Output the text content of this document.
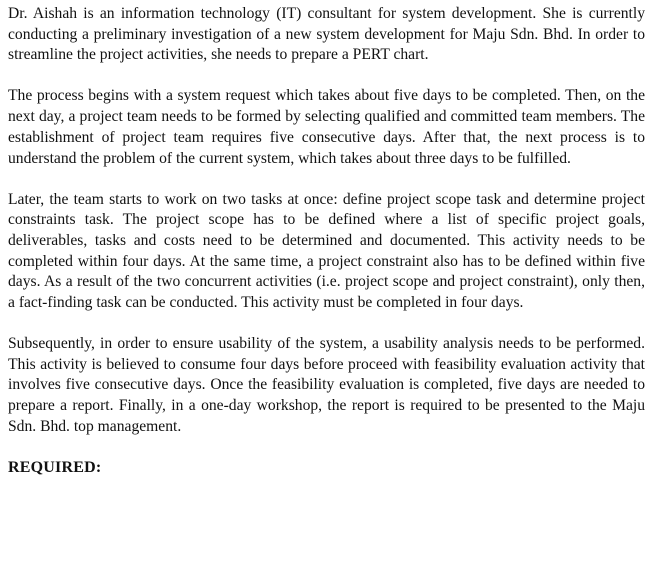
Dr. Aishah is an information technology (IT) consultant for system development. She is currently conducting a preliminary investigation of a new system development for Maju Sdn. Bhd. In order to streamline the project activities, she needs to prepare a PERT chart.

The process begins with a system request which takes about five days to be completed. Then, on the next day, a project team needs to be formed by selecting qualified and committed team members. The establishment of project team requires five consecutive days. After that, the next process is to understand the problem of the current system, which takes about three days to be fulfilled.

Later, the team starts to work on two tasks at once: define project scope task and determine project constraints task. The project scope has to be defined where a list of specific project goals, deliverables, tasks and costs need to be determined and documented. This activity needs to be completed within four days. At the same time, a project constraint also has to be defined within five days. As a result of the two concurrent activities (i.e. project scope and project constraint), only then, a fact-finding task can be conducted. This activity must be completed in four days.

Subsequently, in order to ensure usability of the system, a usability analysis needs to be performed. This activity is believed to consume four days before proceed with feasibility evaluation activity that involves five consecutive days. Once the feasibility evaluation is completed, five days are needed to prepare a report. Finally, in a one-day workshop, the report is required to be presented to the Maju Sdn. Bhd. top management.

REQUIRED:
